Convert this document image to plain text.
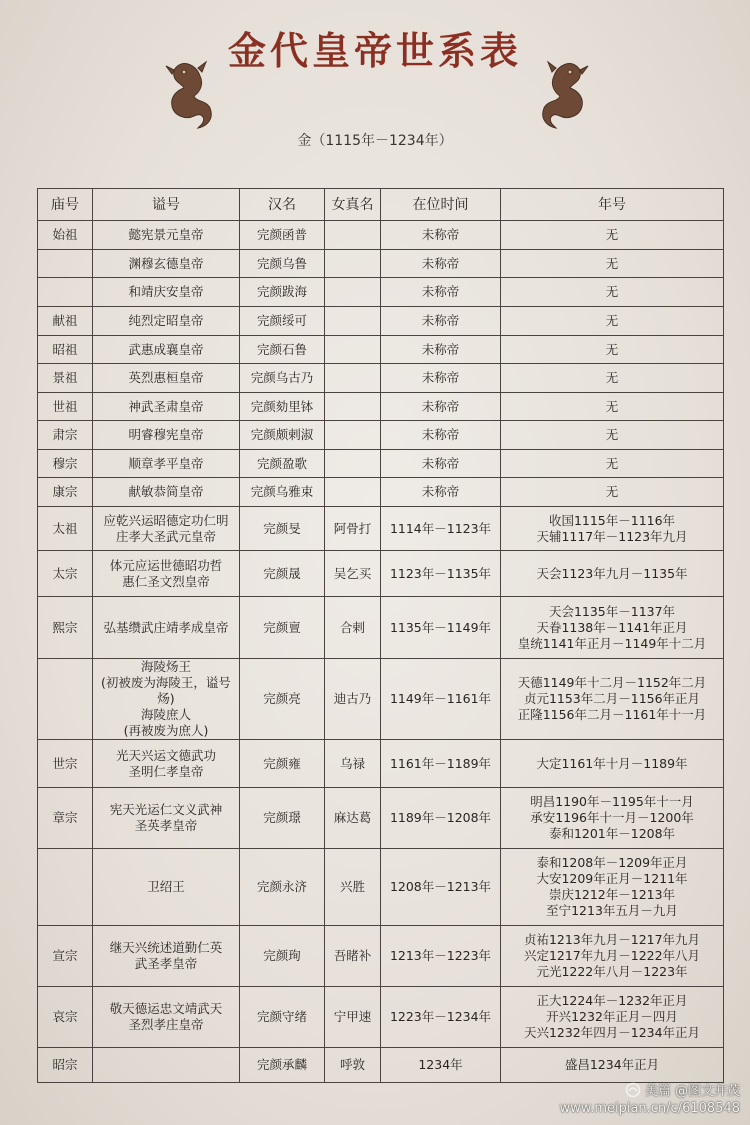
金代皇帝世系表
金（1115年－1234年）
庙号	谥号	汉名	女真名	在位时间	年号
始祖	懿宪景元皇帝	完颜函普		未称帝	无
	渊穆玄德皇帝	完颜乌鲁		未称帝	无
	和靖庆安皇帝	完颜跋海		未称帝	无
献祖	纯烈定昭皇帝	完颜绥可		未称帝	无
昭祖	武惠成襄皇帝	完颜石鲁		未称帝	无
景祖	英烈惠桓皇帝	完颜乌古乃		未称帝	无
世祖	神武圣肃皇帝	完颜劾里钵		未称帝	无
肃宗	明睿穆宪皇帝	完颜颇剌淑		未称帝	无
穆宗	顺章孝平皇帝	完颜盈歌		未称帝	无
康宗	献敏恭简皇帝	完颜乌雅束		未称帝	无
太祖	应乾兴运昭德定功仁明
庄孝大圣武元皇帝	完颜旻	阿骨打	1114年－1123年	收国1115年－1116年
天辅1117年－1123年九月
太宗	体元应运世德昭功哲
惠仁圣文烈皇帝	完颜晟	吴乞买	1123年－1135年	天会1123年九月－1135年
熙宗	弘基缵武庄靖孝成皇帝	完颜亶	合剌	1135年－1149年	天会1135年－1137年
天眷1138年－1141年正月
皇统1141年正月－1149年十二月
	海陵炀王
(初被废为海陵王，谥号炀)
海陵庶人
(再被废为庶人)	完颜亮	迪古乃	1149年－1161年	天德1149年十二月－1152年二月
贞元1153年二月－1156年正月
正隆1156年二月－1161年十一月
世宗	光天兴运文德武功
圣明仁孝皇帝	完颜雍	乌禄	1161年－1189年	大定1161年十月－1189年
章宗	宪天光运仁文义武神
圣英孝皇帝	完颜璟	麻达葛	1189年－1208年	明昌1190年－1195年十一月
承安1196年十一月－1200年
泰和1201年－1208年
	卫绍王	完颜永济	兴胜	1208年－1213年	泰和1208年－1209年正月
大安1209年正月－1211年
崇庆1212年－1213年
至宁1213年五月－九月
宣宗	继天兴统述道勤仁英
武圣孝皇帝	完颜珣	吾睹补	1213年－1223年	贞祐1213年九月－1217年九月
兴定1217年九月－1222年八月
元光1222年八月－1223年
哀宗	敬天德运忠文靖武天
圣烈孝庄皇帝	完颜守绪	宁甲速	1223年－1234年	正大1224年－1232年正月
开兴1232年正月－四月
天兴1232年四月－1234年正月
昭宗		完颜承麟	呼敦	1234年	盛昌1234年正月
美篇 @图文并茂
www.meipian.cn/c/6108548
